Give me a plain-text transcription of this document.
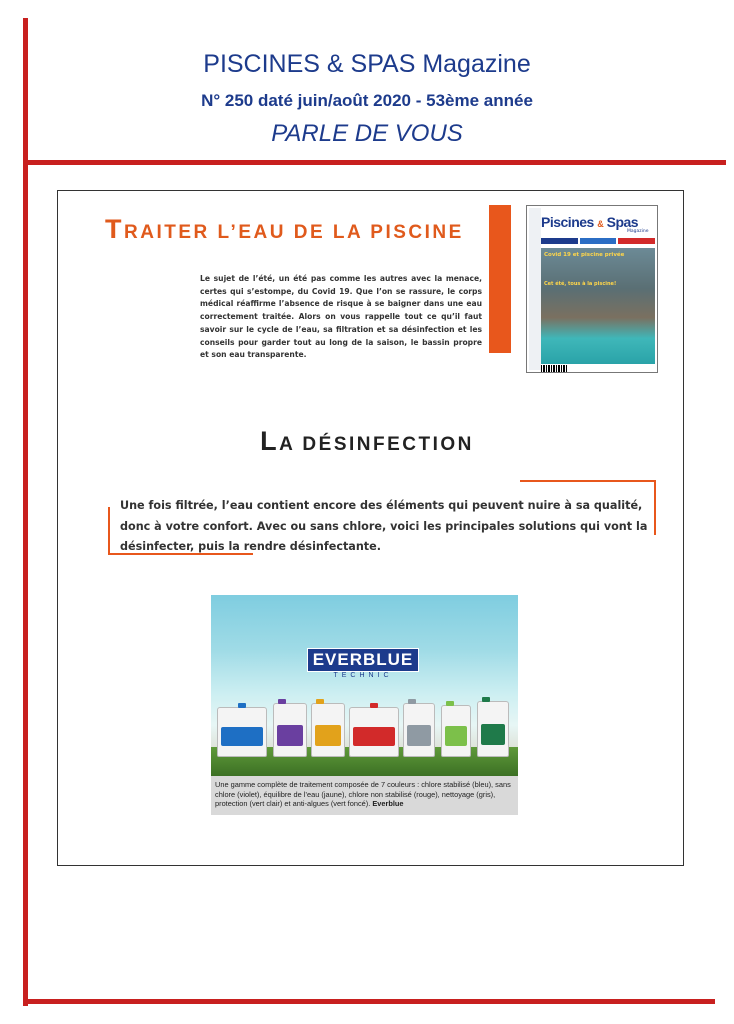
PISCINES & SPAS Magazine
N° 250 daté juin/août 2020 - 53ème année
PARLE DE VOUS
TRAITER L’EAU DE LA PISCINE
Le sujet de l’été, un été pas comme les autres avec la menace, certes qui s’estompe, du Covid 19. Que l’on se rassure, le corps médical réaffirme l’absence de risque à se baigner dans une eau correctement traitée. Alors on vous rappelle tout ce qu’il faut savoir sur le cycle de l’eau, sa filtration et sa désinfection et les conseils pour garder tout au long de la saison, le bassin propre et son eau transparente.
Piscines & Spas
Magazine
Covid 19 et piscine privée
Cet été, tous à la piscine!
LA DÉSINFECTION
Une fois filtrée, l’eau contient encore des éléments qui peuvent nuire à sa qualité, donc à votre confort. Avec ou sans chlore, voici les principales solutions qui vont la désinfecter, puis la rendre désinfectante.
EVERBLUE
TECHNIC
Une gamme complète de traitement composée de 7 couleurs : chlore stabilisé (bleu), sans chlore (violet), équilibre de l’eau (jaune), chlore non stabilisé (rouge), nettoyage (gris), protection (vert clair) et anti-algues (vert foncé). Everblue
